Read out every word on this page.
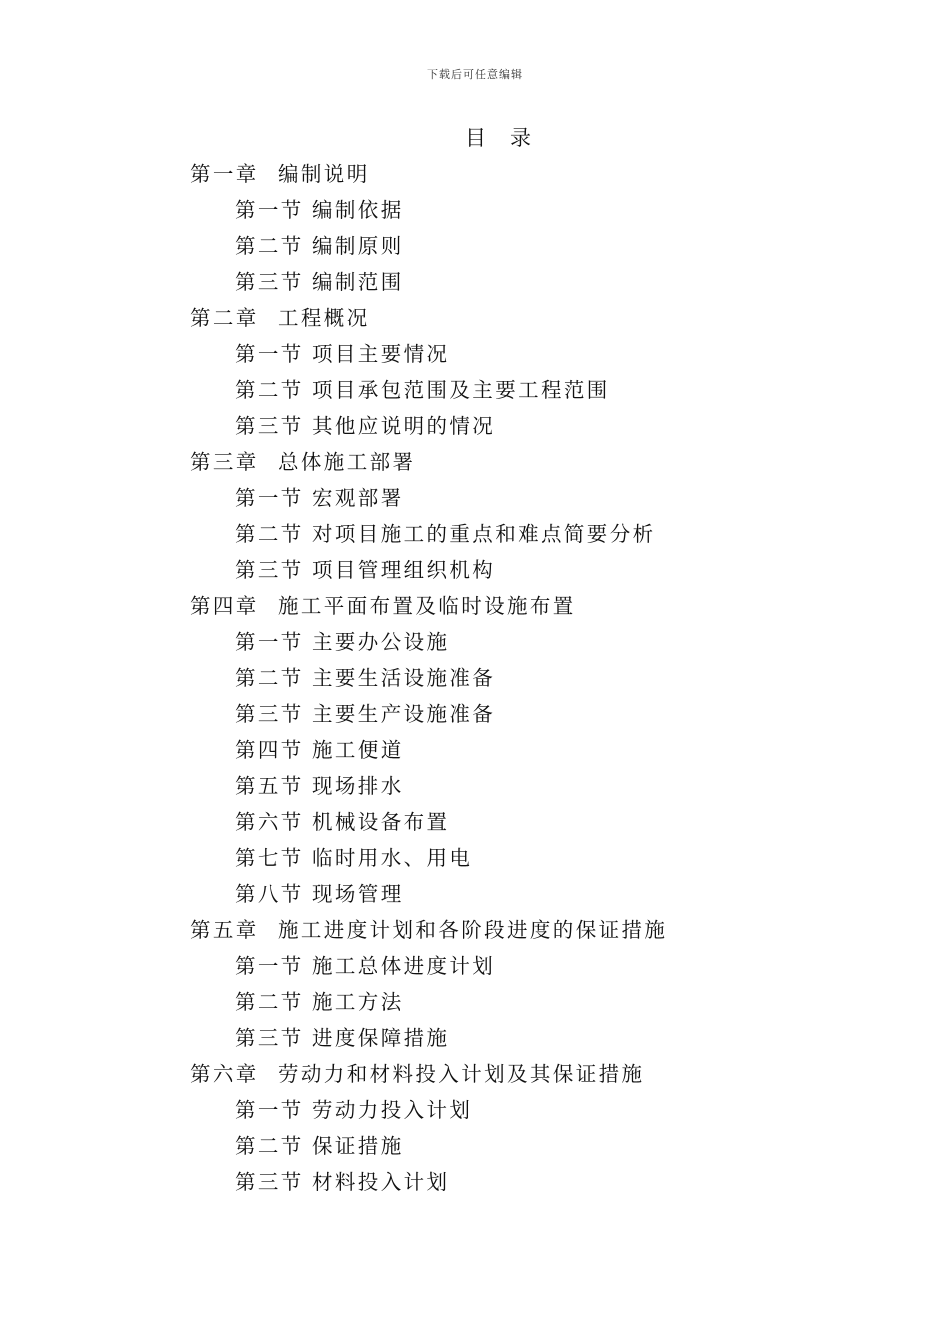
下载后可任意编辑
目 录
第一章 编制说明
第一节 编制依据
第二节 编制原则
第三节 编制范围
第二章 工程概况
第一节 项目主要情况
第二节 项目承包范围及主要工程范围
第三节 其他应说明的情况
第三章 总体施工部署
第一节 宏观部署
第二节 对项目施工的重点和难点简要分析
第三节 项目管理组织机构
第四章 施工平面布置及临时设施布置
第一节 主要办公设施
第二节 主要生活设施准备
第三节 主要生产设施准备
第四节 施工便道
第五节 现场排水
第六节 机械设备布置
第七节 临时用水、用电
第八节 现场管理
第五章 施工进度计划和各阶段进度的保证措施
第一节 施工总体进度计划
第二节 施工方法
第三节 进度保障措施
第六章 劳动力和材料投入计划及其保证措施
第一节 劳动力投入计划
第二节 保证措施
第三节 材料投入计划
